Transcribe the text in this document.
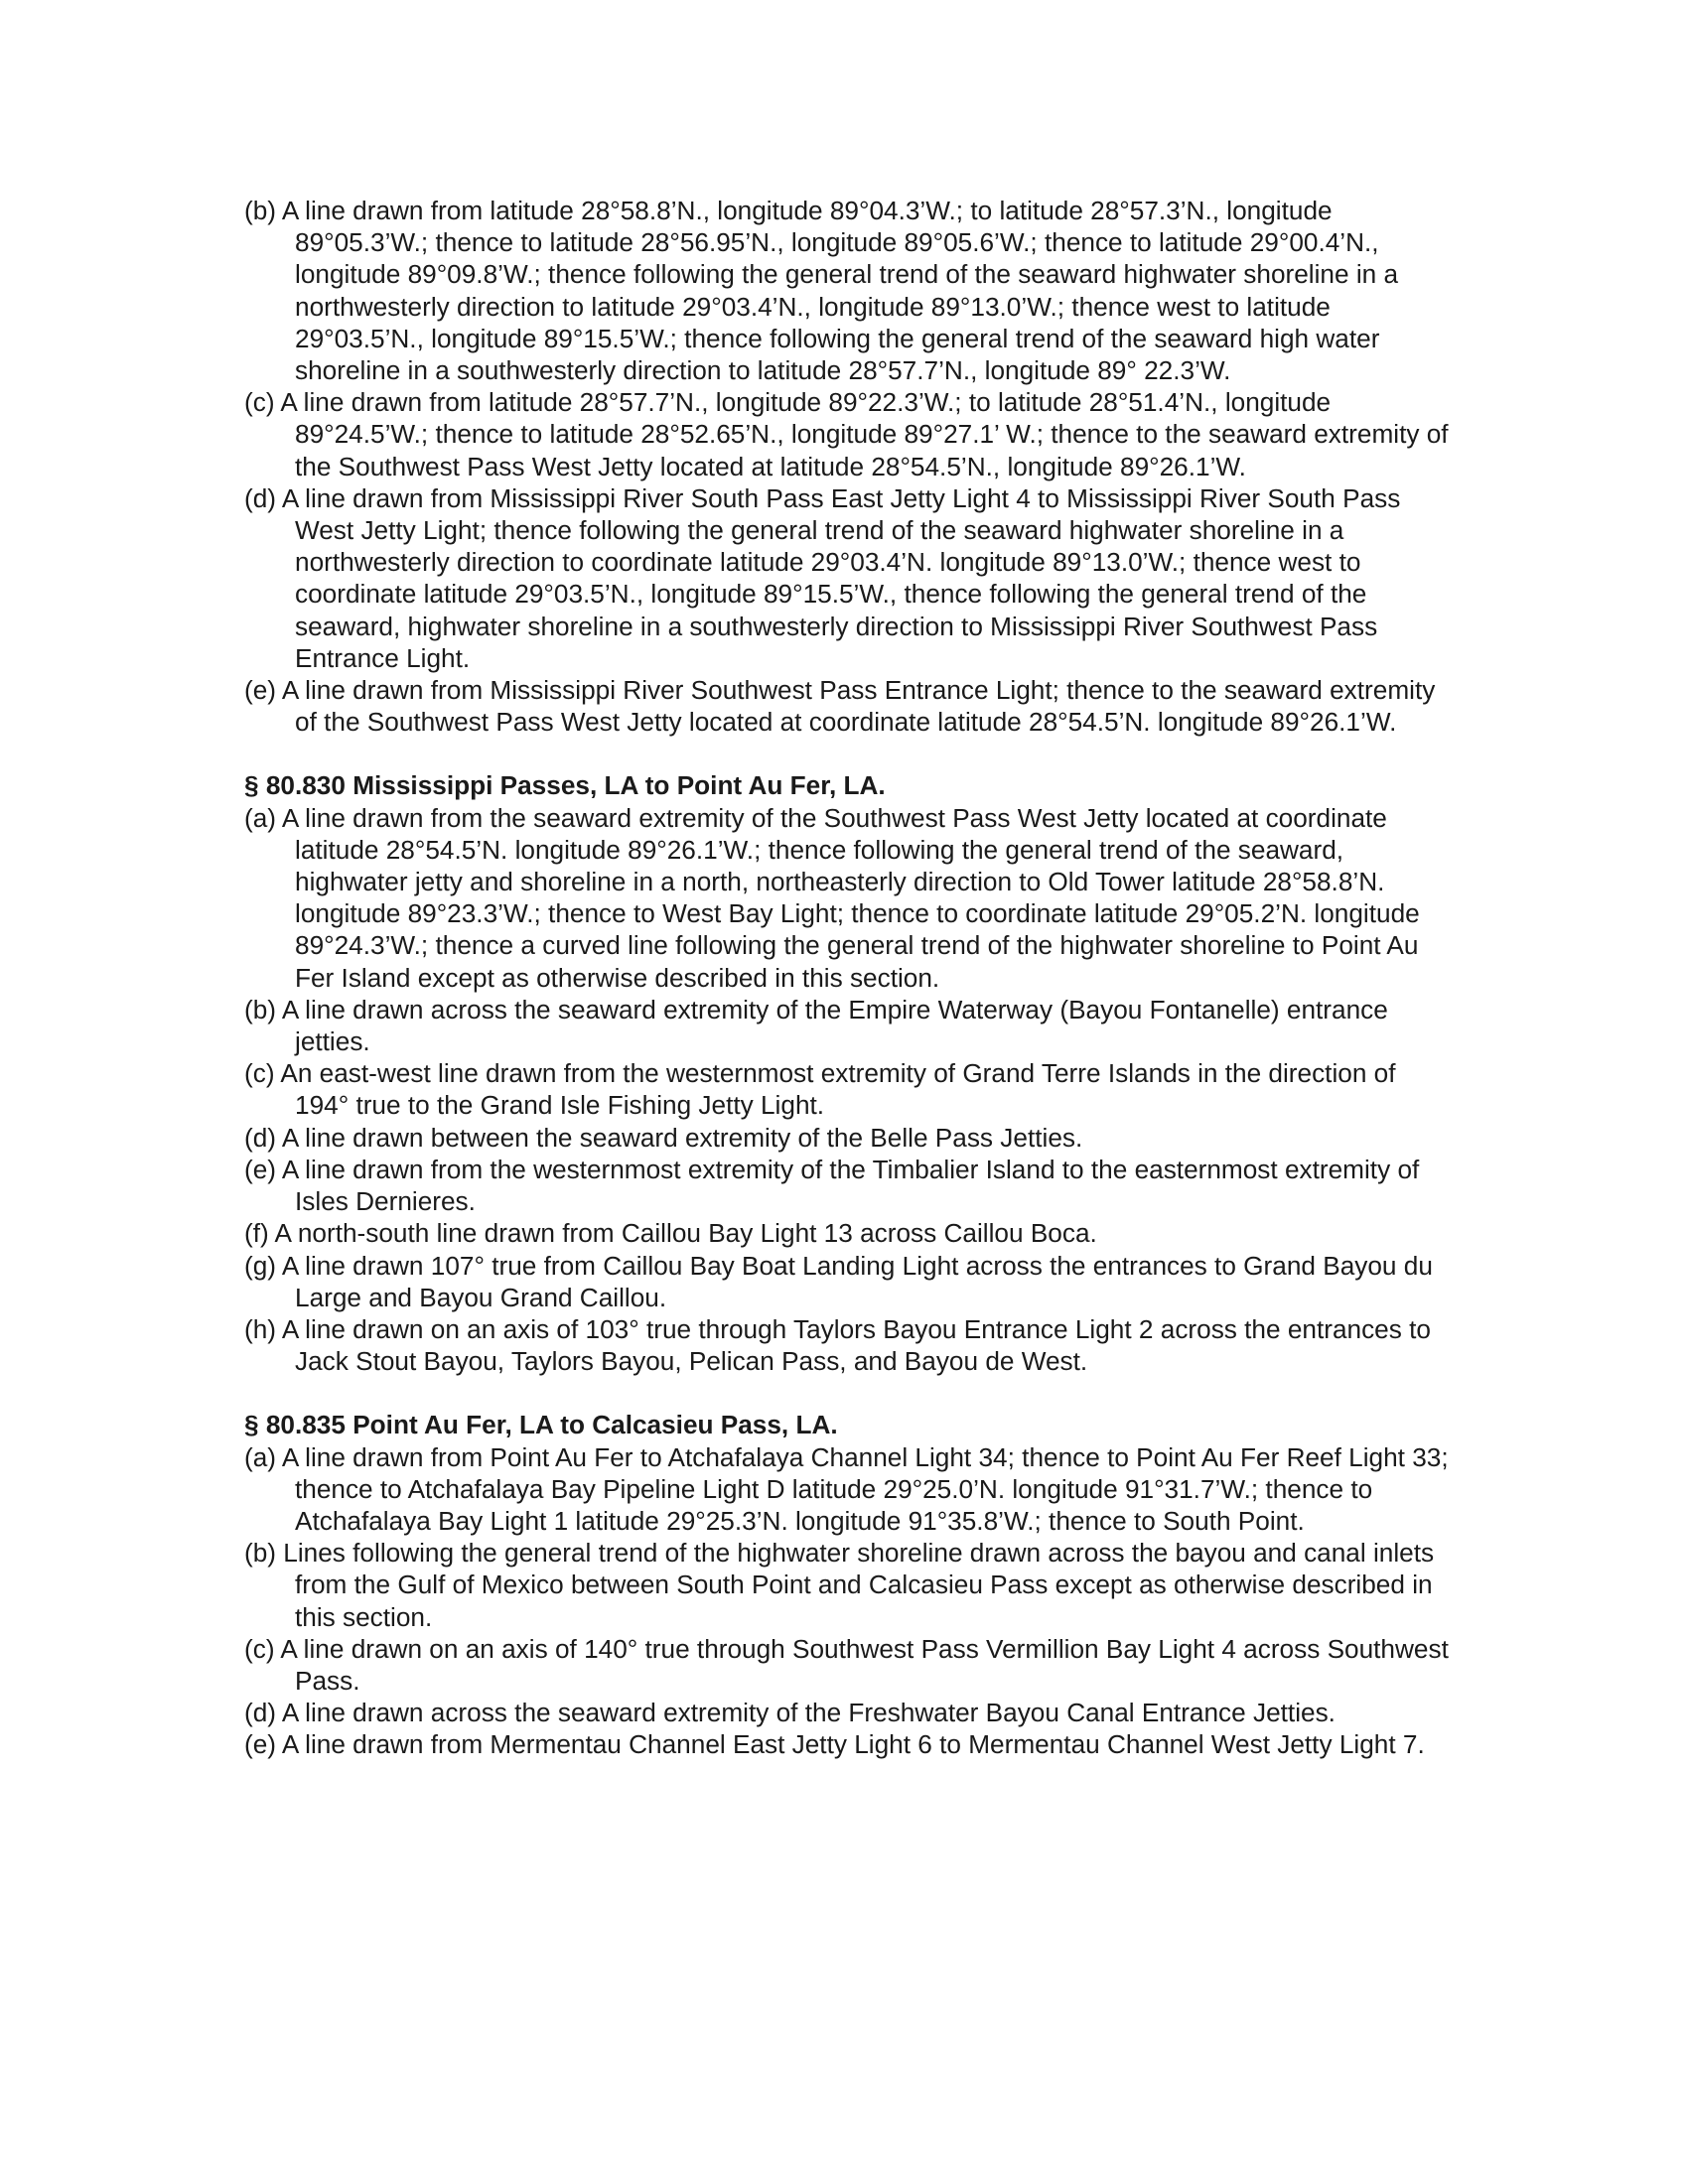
(b) A line drawn from latitude 28°58.8’N., longitude 89°04.3’W.; to latitude 28°57.3’N., longitude 89°05.3’W.; thence to latitude 28°56.95’N., longitude 89°05.6’W.; thence to latitude 29°00.4’N., longitude 89°09.8’W.; thence following the general trend of the seaward highwater shoreline in a northwesterly direction to latitude 29°03.4’N., longitude 89°13.0’W.; thence west to latitude 29°03.5’N., longitude 89°15.5’W.; thence following the general trend of the seaward high water shoreline in a southwesterly direction to latitude 28°57.7’N., longitude 89° 22.3’W.

(c) A line drawn from latitude 28°57.7’N., longitude 89°22.3’W.; to latitude 28°51.4’N., longitude 89°24.5’W.; thence to latitude 28°52.65’N., longitude 89°27.1’ W.; thence to the seaward extremity of the Southwest Pass West Jetty located at latitude 28°54.5’N., longitude 89°26.1’W.

(d) A line drawn from Mississippi River South Pass East Jetty Light 4 to Mississippi River South Pass West Jetty Light; thence following the general trend of the seaward highwater shoreline in a northwesterly direction to coordinate latitude 29°03.4’N. longitude 89°13.0’W.; thence west to coordinate latitude 29°03.5’N., longitude 89°15.5’W., thence following the general trend of the seaward, highwater shoreline in a southwesterly direction to Mississippi River Southwest Pass Entrance Light.

(e) A line drawn from Mississippi River Southwest Pass Entrance Light; thence to the seaward extremity of the Southwest Pass West Jetty located at coordinate latitude 28°54.5’N. longitude 89°26.1’W.

§ 80.830 Mississippi Passes, LA to Point Au Fer, LA.

(a) A line drawn from the seaward extremity of the Southwest Pass West Jetty located at coordinate latitude 28°54.5’N. longitude 89°26.1’W.; thence following the general trend of the seaward, highwater jetty and shoreline in a north, northeasterly direction to Old Tower latitude 28°58.8’N. longitude 89°23.3’W.; thence to West Bay Light; thence to coordinate latitude 29°05.2’N. longitude 89°24.3’W.; thence a curved line following the general trend of the highwater shoreline to Point Au Fer Island except as otherwise described in this section.

(b) A line drawn across the seaward extremity of the Empire Waterway (Bayou Fontanelle) entrance jetties.

(c) An east-west line drawn from the westernmost extremity of Grand Terre Islands in the direction of 194° true to the Grand Isle Fishing Jetty Light.

(d) A line drawn between the seaward extremity of the Belle Pass Jetties.

(e) A line drawn from the westernmost extremity of the Timbalier Island to the easternmost extremity of Isles Dernieres.

(f) A north-south line drawn from Caillou Bay Light 13 across Caillou Boca.

(g) A line drawn 107° true from Caillou Bay Boat Landing Light across the entrances to Grand Bayou du Large and Bayou Grand Caillou.

(h) A line drawn on an axis of 103° true through Taylors Bayou Entrance Light 2 across the entrances to Jack Stout Bayou, Taylors Bayou, Pelican Pass, and Bayou de West.

§ 80.835 Point Au Fer, LA to Calcasieu Pass, LA.

(a) A line drawn from Point Au Fer to Atchafalaya Channel Light 34; thence to Point Au Fer Reef Light 33; thence to Atchafalaya Bay Pipeline Light D latitude 29°25.0’N. longitude 91°31.7’W.; thence to Atchafalaya Bay Light 1 latitude 29°25.3’N. longitude 91°35.8’W.; thence to South Point.

(b) Lines following the general trend of the highwater shoreline drawn across the bayou and canal inlets from the Gulf of Mexico between South Point and Calcasieu Pass except as otherwise described in this section.

(c) A line drawn on an axis of 140° true through Southwest Pass Vermillion Bay Light 4 across Southwest Pass.

(d) A line drawn across the seaward extremity of the Freshwater Bayou Canal Entrance Jetties.

(e) A line drawn from Mermentau Channel East Jetty Light 6 to Mermentau Channel West Jetty Light 7.
